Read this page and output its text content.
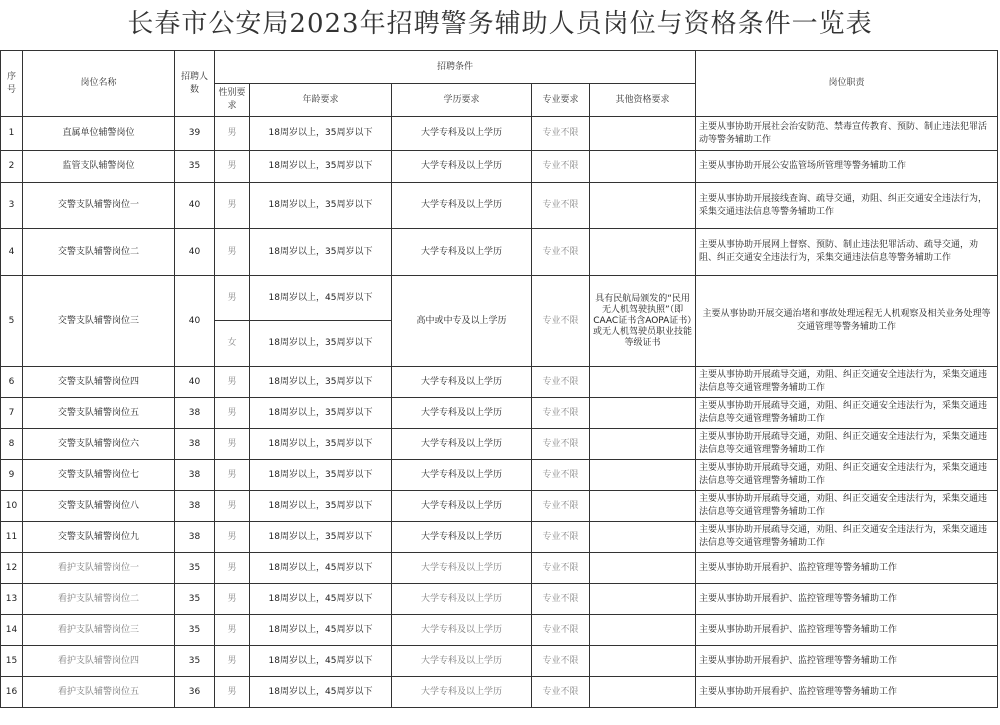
长春市公安局2023年招聘警务辅助人员岗位与资格条件一览表
序号	岗位名称	招聘人数	招聘条件					岗位职责
			性别要求	年龄要求	学历要求	专业要求	其他资格要求	
1	直属单位辅警岗位	39	男	18周岁以上，35周岁以下	大学专科及以上学历	专业不限		主要从事协助开展社会治安防范、禁毒宣传教育、预防、制止违法犯罪活动等警务辅助工作
2	监管支队辅警岗位	35	男	18周岁以上，35周岁以下	大学专科及以上学历	专业不限		主要从事协助开展公安监管场所管理等警务辅助工作
3	交警支队辅警岗位一	40	男	18周岁以上，35周岁以下	大学专科及以上学历	专业不限		主要从事协助开展接线查询、疏导交通，劝阻、纠正交通安全违法行为，采集交通违法信息等警务辅助工作
4	交警支队辅警岗位二	40	男	18周岁以上，35周岁以下	大学专科及以上学历	专业不限		主要从事协助开展网上督察、预防、制止违法犯罪活动、疏导交通，劝阻、纠正交通安全违法行为，采集交通违法信息等警务辅助工作
5	交警支队辅警岗位三	40	男	18周岁以上，45周岁以下	高中或中专及以上学历	专业不限	具有民航局颁发的“民用无人机驾驶执照”（即CAAC证书含AOPA证书）或无人机驾驶员职业技能等级证书	主要从事协助开展交通治堵和事故处理远程无人机观察及相关业务处理等交通管理等警务辅助工作
			女	18周岁以上，35周岁以下				
6	交警支队辅警岗位四	40	男	18周岁以上，35周岁以下	大学专科及以上学历	专业不限		主要从事协助开展疏导交通，劝阻、纠正交通安全违法行为，采集交通违法信息等交通管理警务辅助工作
7	交警支队辅警岗位五	38	男	18周岁以上，35周岁以下	大学专科及以上学历	专业不限		主要从事协助开展疏导交通，劝阻、纠正交通安全违法行为，采集交通违法信息等交通管理警务辅助工作
8	交警支队辅警岗位六	38	男	18周岁以上，35周岁以下	大学专科及以上学历	专业不限		主要从事协助开展疏导交通，劝阻、纠正交通安全违法行为，采集交通违法信息等交通管理警务辅助工作
9	交警支队辅警岗位七	38	男	18周岁以上，35周岁以下	大学专科及以上学历	专业不限		主要从事协助开展疏导交通，劝阻、纠正交通安全违法行为，采集交通违法信息等交通管理警务辅助工作
10	交警支队辅警岗位八	38	男	18周岁以上，35周岁以下	大学专科及以上学历	专业不限		主要从事协助开展疏导交通，劝阻、纠正交通安全违法行为，采集交通违法信息等交通管理警务辅助工作
11	交警支队辅警岗位九	38	男	18周岁以上，35周岁以下	大学专科及以上学历	专业不限		主要从事协助开展疏导交通，劝阻、纠正交通安全违法行为，采集交通违法信息等交通管理警务辅助工作
12	看护支队辅警岗位一	35	男	18周岁以上，45周岁以下	大学专科及以上学历	专业不限		主要从事协助开展看护、监控管理等警务辅助工作
13	看护支队辅警岗位二	35	男	18周岁以上，45周岁以下	大学专科及以上学历	专业不限		主要从事协助开展看护、监控管理等警务辅助工作
14	看护支队辅警岗位三	35	男	18周岁以上，45周岁以下	大学专科及以上学历	专业不限		主要从事协助开展看护、监控管理等警务辅助工作
15	看护支队辅警岗位四	35	男	18周岁以上，45周岁以下	大学专科及以上学历	专业不限		主要从事协助开展看护、监控管理等警务辅助工作
16	看护支队辅警岗位五	36	男	18周岁以上，45周岁以下	大学专科及以上学历	专业不限		主要从事协助开展看护、监控管理等警务辅助工作
